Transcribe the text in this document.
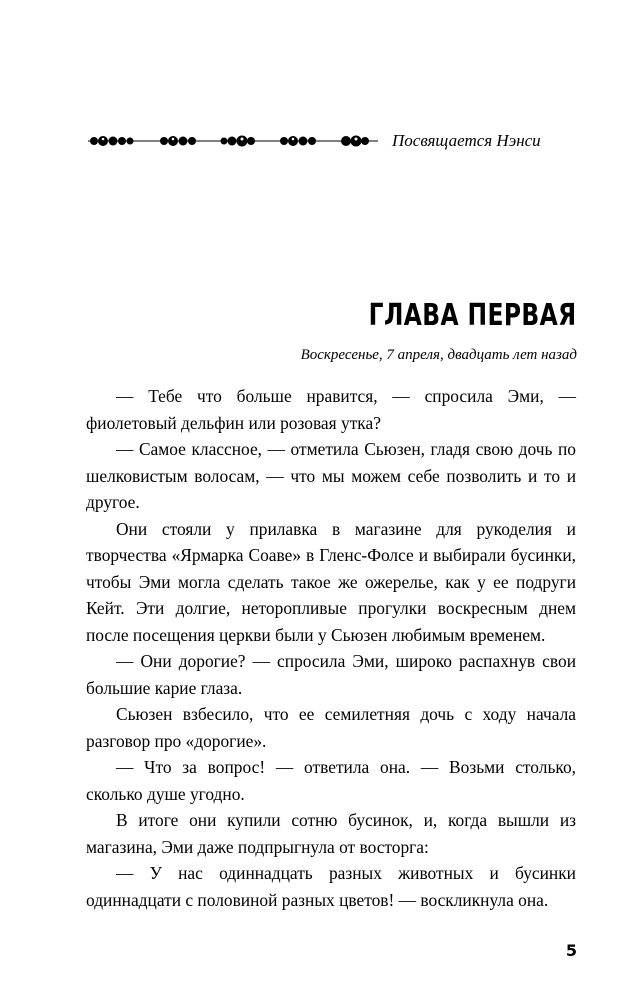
Посвящается Нэнси
ГЛАВА ПЕРВАЯ
Воскресенье, 7 апреля, двадцать лет назад

— Тебе что больше нравится, — спросила Эми, — фиолетовый дельфин или розовая утка?

— Самое классное, — отметила Сьюзен, гладя свою дочь по шелковистым волосам, — что мы можем себе позволить и то и другое.

Они стояли у прилавка в магазине для рукоделия и творчества «Ярмарка Соаве» в Гленс-Фолсе и выбирали бусинки, чтобы Эми могла сделать такое же ожерелье, как у ее подруги Кейт. Эти долгие, неторопливые прогулки воскресным днем после посещения церкви были у Сьюзен любимым временем.

— Они дорогие? — спросила Эми, широко распахнув свои большие карие глаза.

Сьюзен взбесило, что ее семилетняя дочь с ходу начала разговор про «дорогие».

— Что за вопрос! — ответила она. — Возьми столько, сколько душе угодно.

В итоге они купили сотню бусинок, и, когда вышли из магазина, Эми даже подпрыгнула от восторга:

— У нас одиннадцать разных животных и бусинки одиннадцати с половиной разных цветов! — воскликнула она.

5
